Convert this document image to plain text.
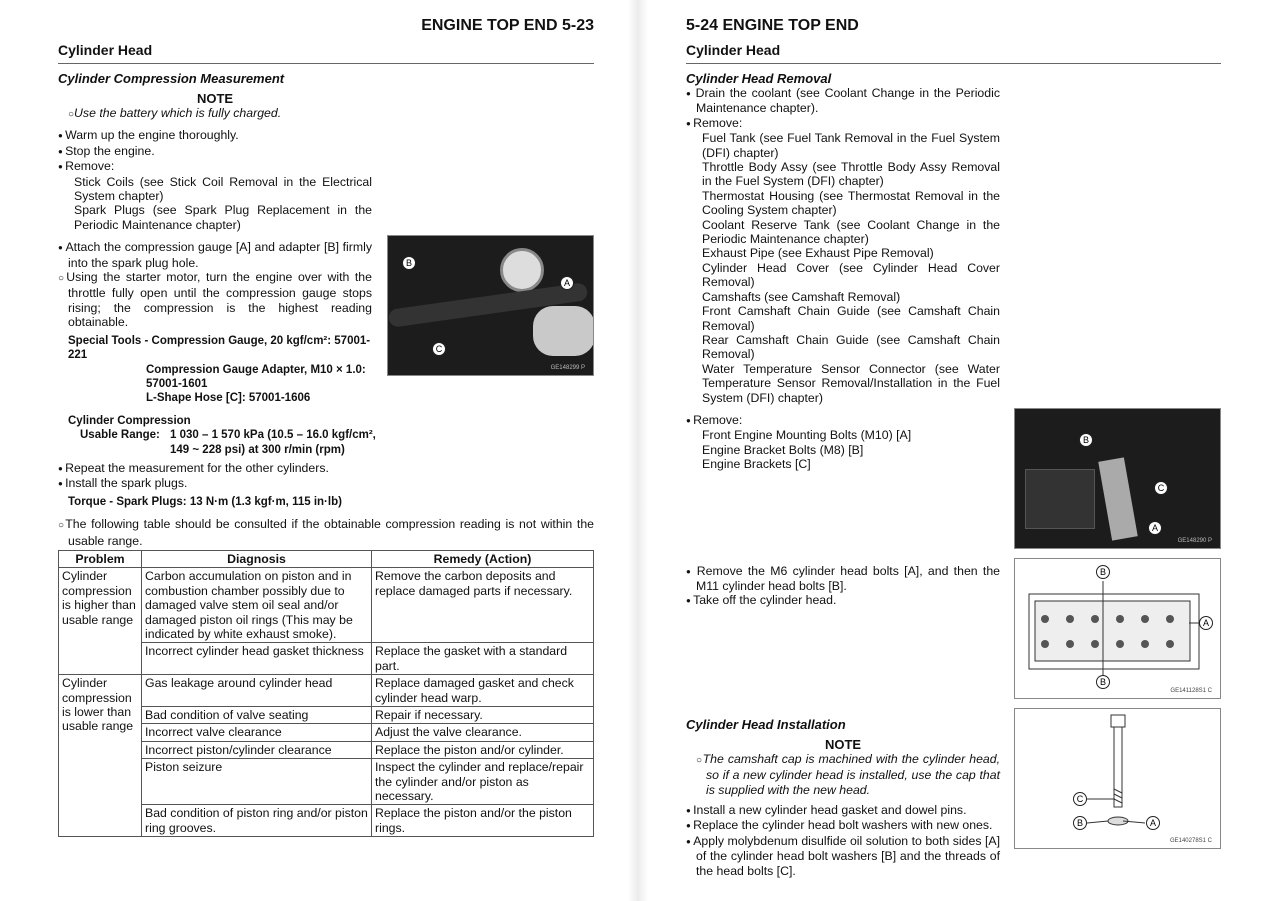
ENGINE TOP END 5-23
Cylinder Head
B
A
C
GE148299 P
Cylinder Compression Measurement
NOTE
○ Use the battery which is fully charged.
● Warm up the engine thoroughly.
● Stop the engine.
● Remove:
Stick Coils (see Stick Coil Removal in the Electrical System chapter)
Spark Plugs (see Spark Plug Replacement in the Periodic Maintenance chapter)
● Attach the compression gauge [A] and adapter [B] firmly into the spark plug hole.
○ Using the starter motor, turn the engine over with the throttle fully open until the compression gauge stops rising; the compression is the highest reading obtainable.
Special Tools - Compression Gauge, 20 kgf/cm²: 57001-221
Compression Gauge Adapter, M10 × 1.0: 57001-1601
L-Shape Hose [C]: 57001-1606
Cylinder Compression
Usable Range: 1 030 – 1 570 kPa (10.5 – 16.0 kgf/cm², 149 ~ 228 psi) at 300 r/min (rpm)
● Repeat the measurement for the other cylinders.
● Install the spark plugs.
Torque - Spark Plugs: 13 N·m (1.3 kgf·m, 115 in·lb)
○ The following table should be consulted if the obtainable compression reading is not within the usable range.
Problem	Diagnosis	Remedy (Action)
Cylinder compression is higher than usable range	Carbon accumulation on piston and in combustion chamber possibly due to damaged valve stem oil seal and/or damaged piston oil rings (This may be indicated by white exhaust smoke).	Remove the carbon deposits and replace damaged parts if necessary.
	Incorrect cylinder head gasket thickness	Replace the gasket with a standard part.
Cylinder compression is lower than usable range	Gas leakage around cylinder head	Replace damaged gasket and check cylinder head warp.
	Bad condition of valve seating	Repair if necessary.
	Incorrect valve clearance	Adjust the valve clearance.
	Incorrect piston/cylinder clearance	Replace the piston and/or cylinder.
	Piston seizure	Inspect the cylinder and replace/repair the cylinder and/or piston as necessary.
	Bad condition of piston ring and/or piston ring grooves.	Replace the piston and/or the piston rings.
5-24 ENGINE TOP END
Cylinder Head
Cylinder Head Removal
● Drain the coolant (see Coolant Change in the Periodic Maintenance chapter).
● Remove:
Fuel Tank (see Fuel Tank Removal in the Fuel System (DFI) chapter)
Throttle Body Assy (see Throttle Body Assy Removal in the Fuel System (DFI) chapter)
Thermostat Housing (see Thermostat Removal in the Cooling System chapter)
Coolant Reserve Tank (see Coolant Change in the Periodic Maintenance chapter)
Exhaust Pipe (see Exhaust Pipe Removal)
Cylinder Head Cover (see Cylinder Head Cover Removal)
Camshafts (see Camshaft Removal)
Front Camshaft Chain Guide (see Camshaft Chain Removal)
Rear Camshaft Chain Guide (see Camshaft Chain Removal)
Water Temperature Sensor Connector (see Water Temperature Sensor Removal/Installation in the Fuel System (DFI) chapter)
● Remove:
Front Engine Mounting Bolts (M10) [A]
Engine Bracket Bolts (M8) [B]
Engine Brackets [C]
● Remove the M6 cylinder head bolts [A], and then the M11 cylinder head bolts [B].
● Take off the cylinder head.
Cylinder Head Installation
NOTE
○ The camshaft cap is machined with the cylinder head, so if a new cylinder head is installed, use the cap that is supplied with the new head.
● Install a new cylinder head gasket and dowel pins.
● Replace the cylinder head bolt washers with new ones.
● Apply molybdenum disulfide oil solution to both sides [A] of the cylinder head bolt washers [B] and the threads of the head bolts [C].
B
C
A
GE148290 P
B
A
B
GE141128S1 C
C
B	A
GE140278S1 C
